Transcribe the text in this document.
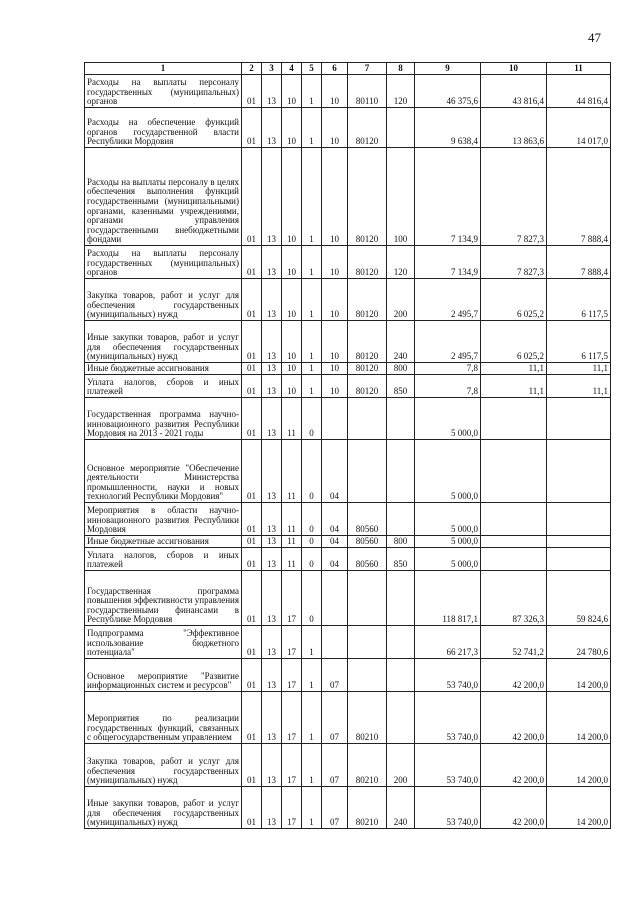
47
1	2	3	4	5	6	7	8	9	10	11
Расходы на выплаты персоналу государственных (муниципальных) органов	01	13	10	1	10	80110	120	46 375,6	43 816,4	44 816,4
Расходы на обеспечение функций органов государственной власти Республики Мордовия	01	13	10	1	10	80120		9 638,4	13 863,6	14 017,0
Расходы на выплаты персоналу в целях обеспечения выполнения функций государственными (муниципальными) органами, казенными учреждениями, органами управления государственными внебюджетными фондами	01	13	10	1	10	80120	100	7 134,9	7 827,3	7 888,4
Расходы на выплаты персоналу государственных (муниципальных) органов	01	13	10	1	10	80120	120	7 134,9	7 827,3	7 888,4
Закупка товаров, работ и услуг для обеспечения государственных (муниципальных) нужд	01	13	10	1	10	80120	200	2 495,7	6 025,2	6 117,5
Иные закупки товаров, работ и услуг для обеспечения государственных (муниципальных) нужд	01	13	10	1	10	80120	240	2 495,7	6 025,2	6 117,5
Иные бюджетные ассигнования	01	13	10	1	10	80120	800	7,8	11,1	11,1
Уплата налогов, сборов и иных платежей	01	13	10	1	10	80120	850	7,8	11,1	11,1
Государственная программа научно-инновационного развития Республики Мордовия на 2013 - 2021 годы	01	13	11	0				5 000,0		
Основное мероприятие "Обеспечение деятельности Министерства промышленности, науки и новых технологий Республики Мордовия"	01	13	11	0	04			5 000,0		
Мероприятия в области научно-инновационного развития Республики Мордовия	01	13	11	0	04	80560		5 000,0		
Иные бюджетные ассигнования	01	13	11	0	04	80560	800	5 000,0		
Уплата налогов, сборов и иных платежей	01	13	11	0	04	80560	850	5 000,0		
Государственная программа повышения эффективности управления государственными финансами в Республике Мордовия	01	13	17	0				118 817,1	87 326,3	59 824,6
Подпрограмма "Эффективное использование бюджетного потенциала"	01	13	17	1				66 217,3	52 741,2	24 780,6
Основное мероприятие "Развитие информационных систем и ресурсов"	01	13	17	1	07			53 740,0	42 200,0	14 200,0
Мероприятия по реализации государственных функций, связанных с общегосударственным управлением	01	13	17	1	07	80210		53 740,0	42 200,0	14 200,0
Закупка товаров, работ и услуг для обеспечения государственных (муниципальных) нужд	01	13	17	1	07	80210	200	53 740,0	42 200,0	14 200,0
Иные закупки товаров, работ и услуг для обеспечения государственных (муниципальных) нужд	01	13	17	1	07	80210	240	53 740,0	42 200,0	14 200,0
